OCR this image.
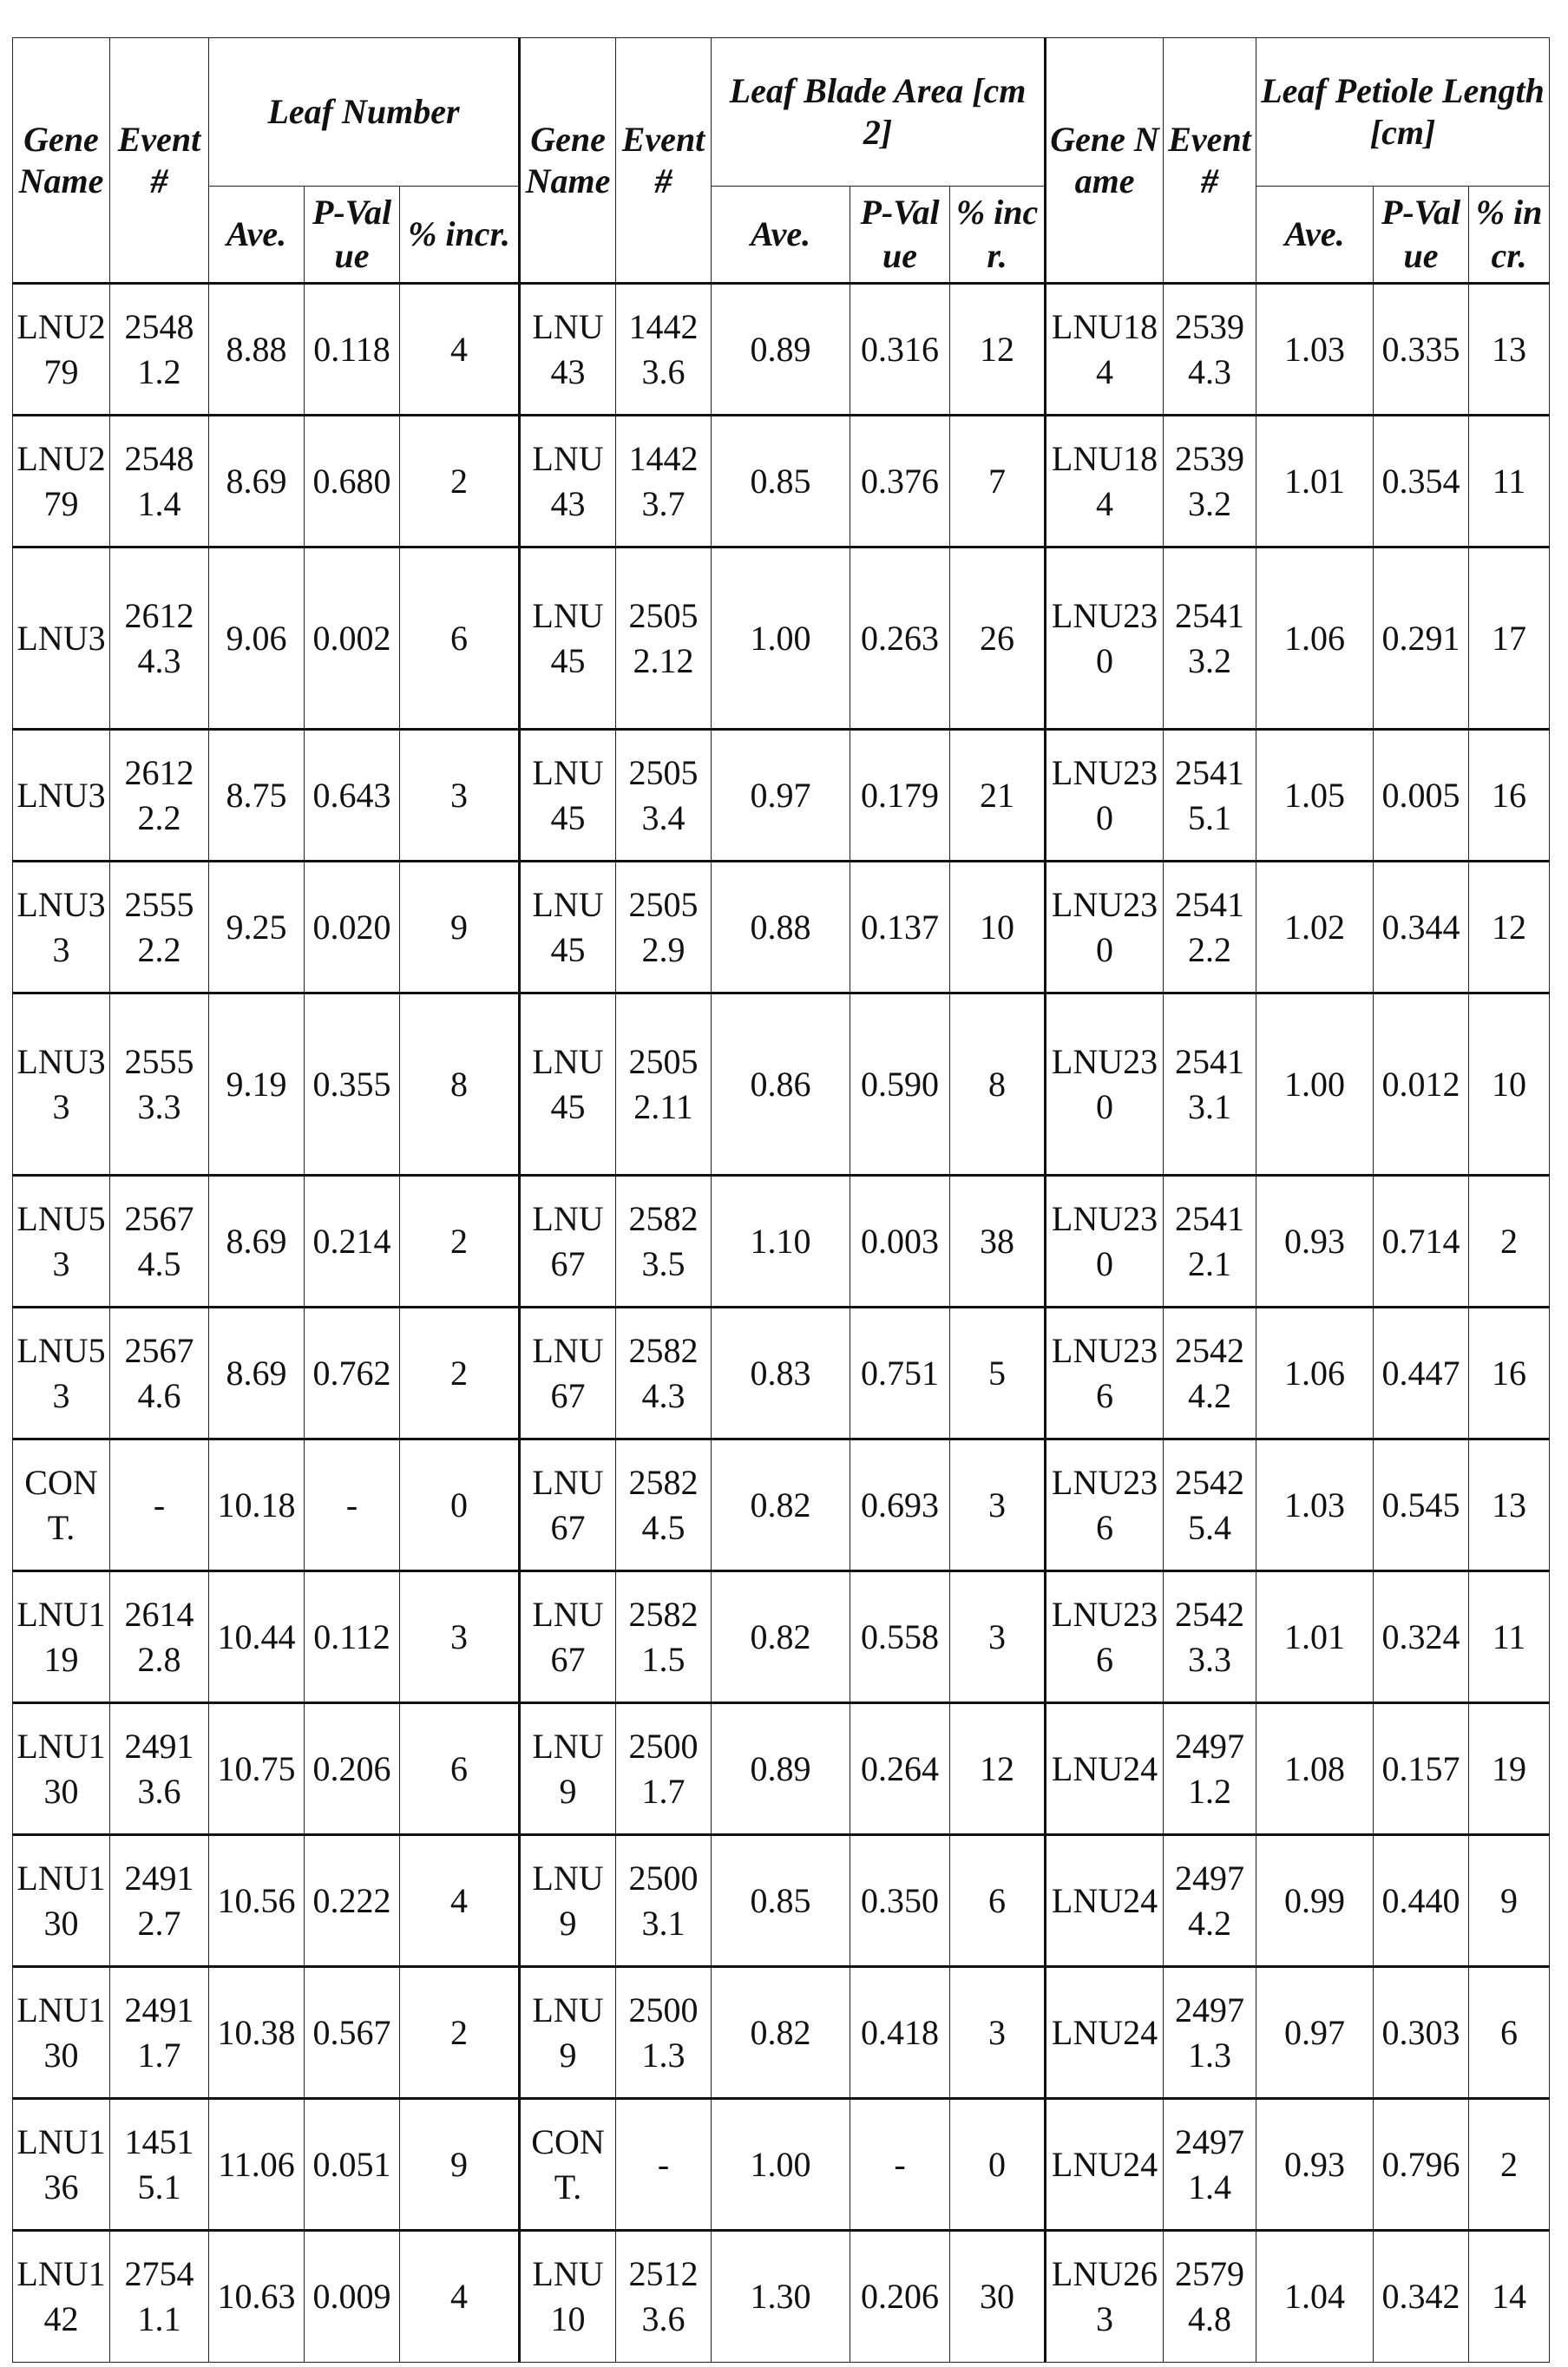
Gene Name	Event #	Leaf Number			Gene Name	Event #	Leaf Blade Area [cm2]			Gene Name	Event #	Leaf Petiole Length [cm]		
		Ave.	P-Value	% incr.			Ave.	P-Value	% incr.			Ave.	P-Value	% incr.
LNU279	25481.2	8.88	0.118	4	LNU43	14423.6	0.89	0.316	12	LNU184	25394.3	1.03	0.335	13
LNU279	25481.4	8.69	0.680	2	LNU43	14423.7	0.85	0.376	7	LNU184	25393.2	1.01	0.354	11
LNU3	26124.3	9.06	0.002	6	LNU45	25052.12	1.00	0.263	26	LNU230	25413.2	1.06	0.291	17
LNU3	26122.2	8.75	0.643	3	LNU45	25053.4	0.97	0.179	21	LNU230	25415.1	1.05	0.005	16
LNU33	25552.2	9.25	0.020	9	LNU45	25052.9	0.88	0.137	10	LNU230	25412.2	1.02	0.344	12
LNU33	25553.3	9.19	0.355	8	LNU45	25052.11	0.86	0.590	8	LNU230	25413.1	1.00	0.012	10
LNU53	25674.5	8.69	0.214	2	LNU67	25823.5	1.10	0.003	38	LNU230	25412.1	0.93	0.714	2
LNU53	25674.6	8.69	0.762	2	LNU67	25824.3	0.83	0.751	5	LNU236	25424.2	1.06	0.447	16
CONT.	-	10.18	-	0	LNU67	25824.5	0.82	0.693	3	LNU236	25425.4	1.03	0.545	13
LNU119	26142.8	10.44	0.112	3	LNU67	25821.5	0.82	0.558	3	LNU236	25423.3	1.01	0.324	11
LNU130	24913.6	10.75	0.206	6	LNU9	25001.7	0.89	0.264	12	LNU24	24971.2	1.08	0.157	19
LNU130	24912.7	10.56	0.222	4	LNU9	25003.1	0.85	0.350	6	LNU24	24974.2	0.99	0.440	9
LNU130	24911.7	10.38	0.567	2	LNU9	25001.3	0.82	0.418	3	LNU24	24971.3	0.97	0.303	6
LNU136	14515.1	11.06	0.051	9	CONT.	-	1.00	-	0	LNU24	24971.4	0.93	0.796	2
LNU142	27541.1	10.63	0.009	4	LNU10	25123.6	1.30	0.206	30	LNU263	25794.8	1.04	0.342	14
